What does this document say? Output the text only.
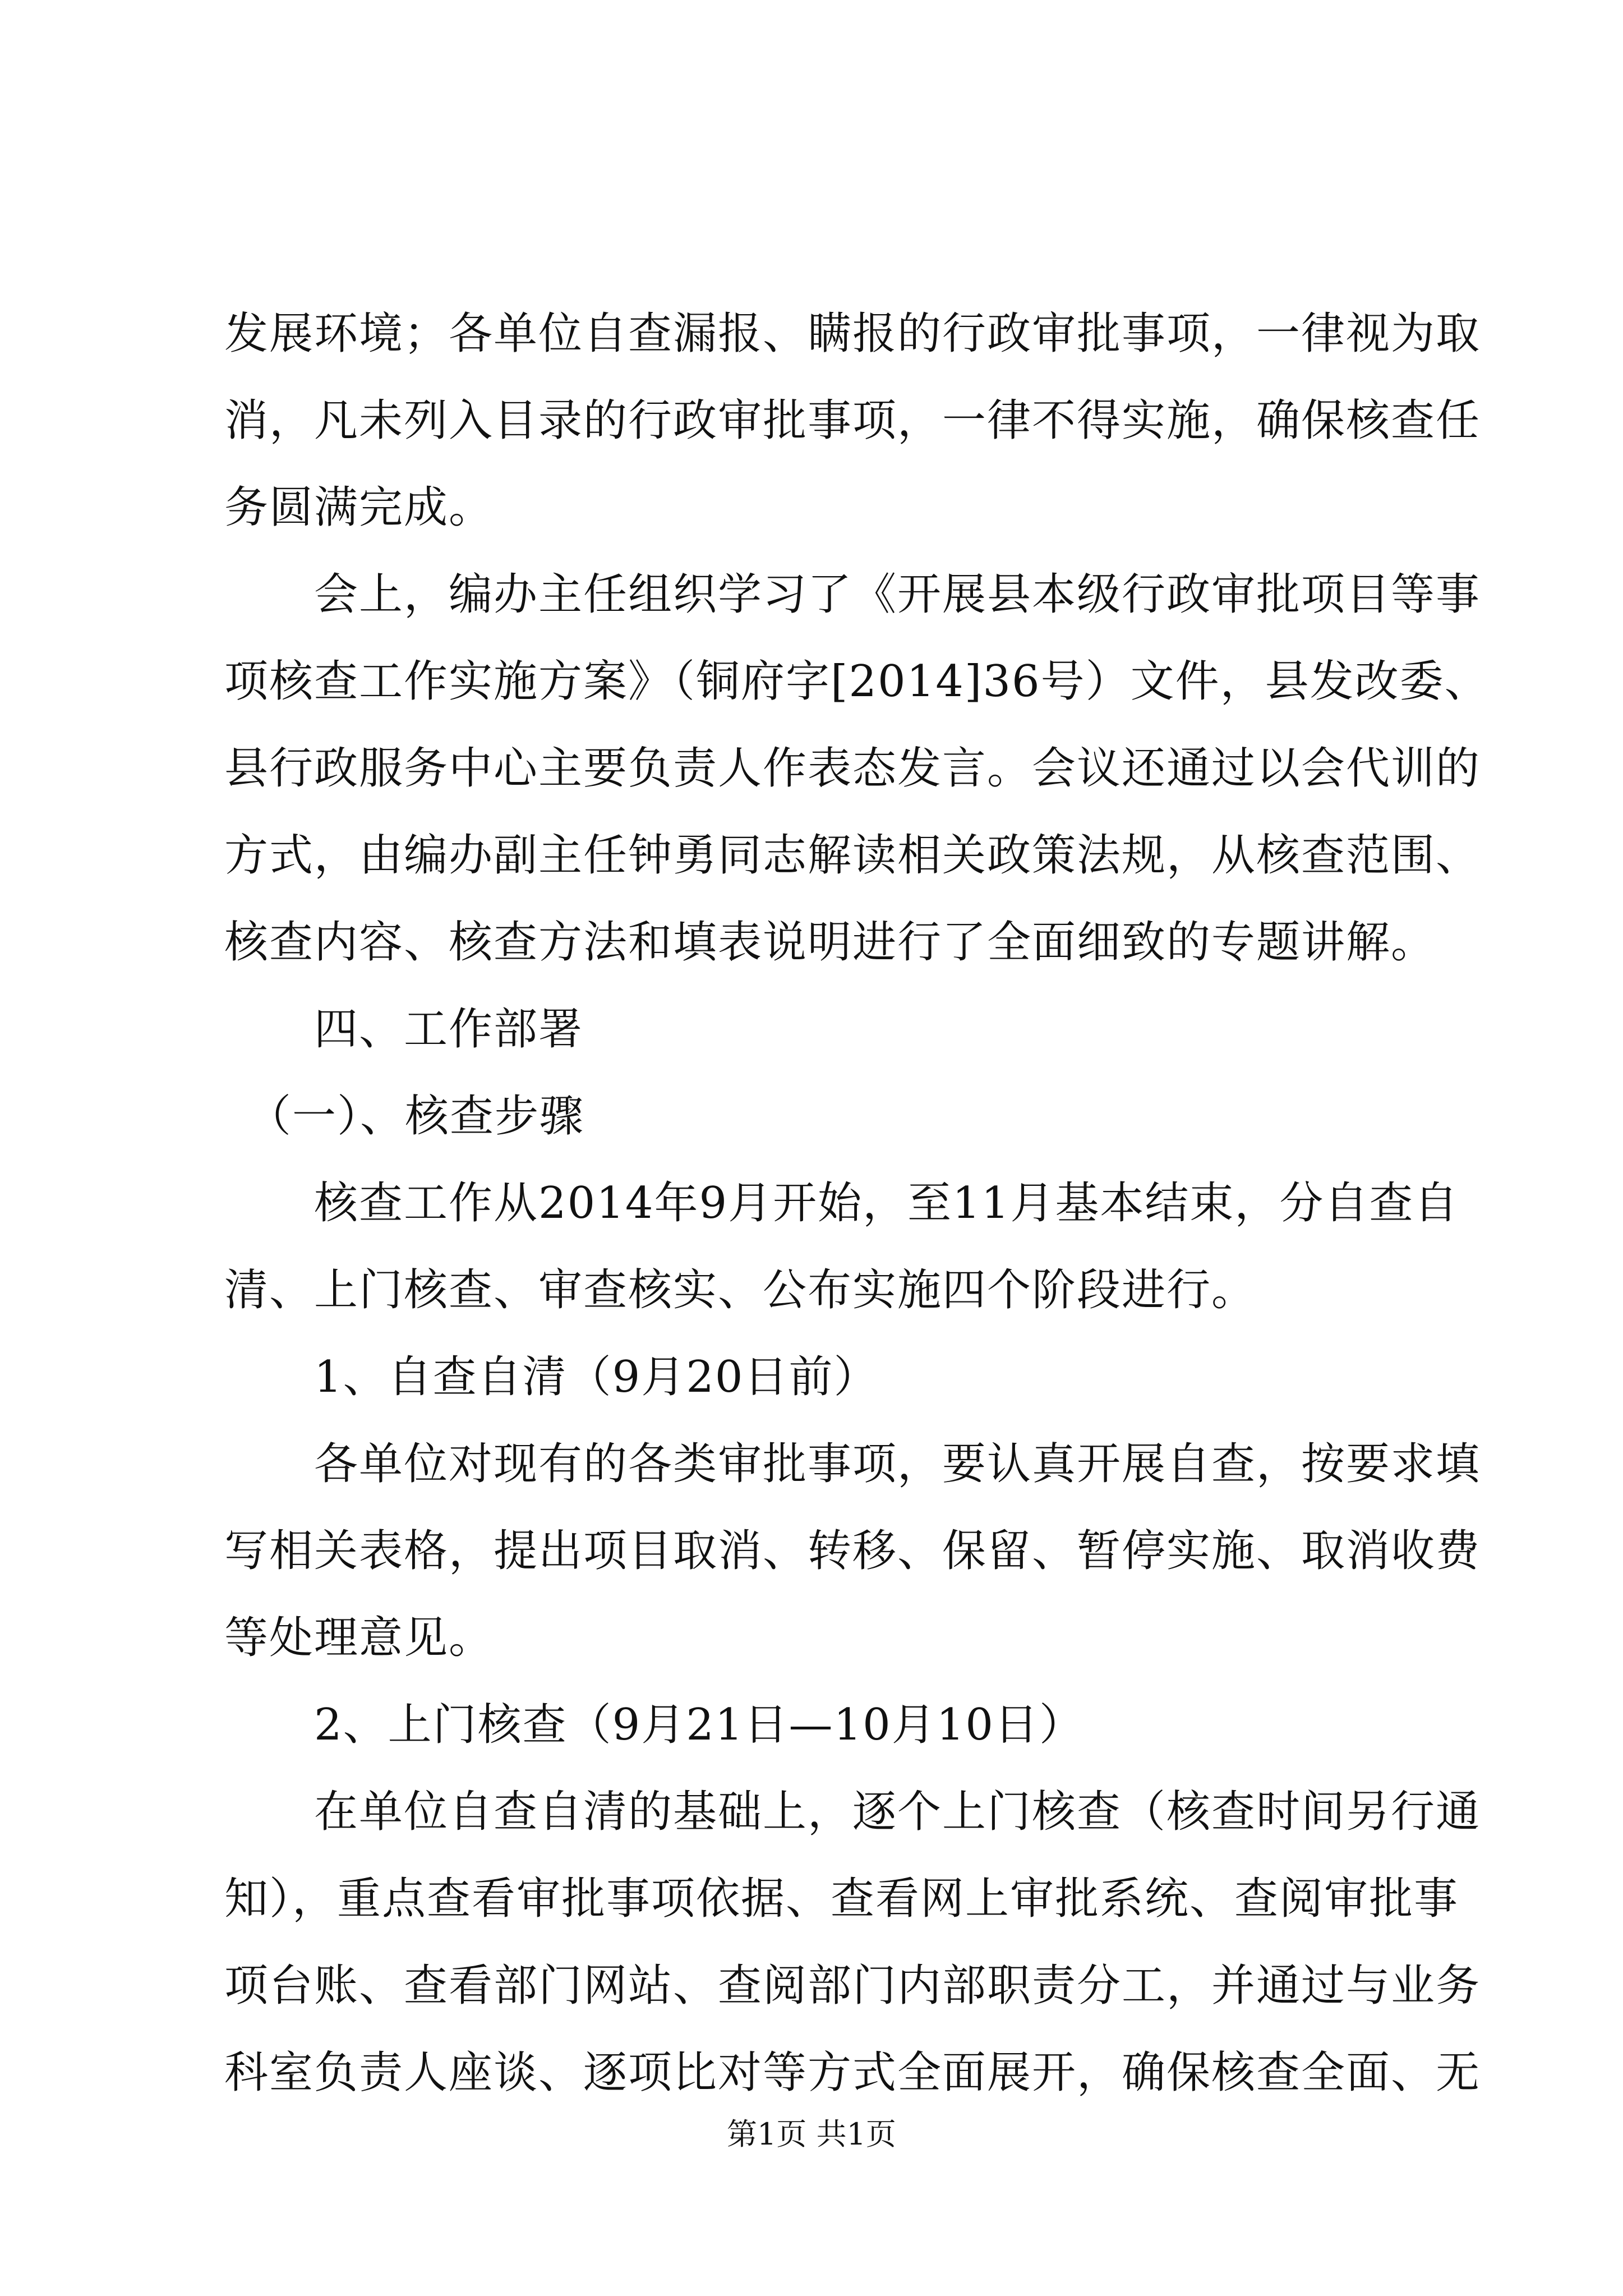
发展环境；各单位自查漏报、瞒报的行政审批事项，一律视为取
消，凡未列入目录的行政审批事项，一律不得实施，确保核查任
务圆满完成。
　　会上，编办主任组织学习了《开展县本级行政审批项目等事
项核查工作实施方案》（铜府字[2014]36号）文件，县发改委、
县行政服务中心主要负责人作表态发言。会议还通过以会代训的
方式，由编办副主任钟勇同志解读相关政策法规，从核查范围、
核查内容、核查方法和填表说明进行了全面细致的专题讲解。
　　四、工作部署
　（一）、核查步骤
　　核查工作从2014年9月开始，至11月基本结束，分自查自
清、上门核查、审查核实、公布实施四个阶段进行。
　　1、自查自清（9月20日前）
　　各单位对现有的各类审批事项，要认真开展自查，按要求填
写相关表格，提出项目取消、转移、保留、暂停实施、取消收费
等处理意见。
　　2、上门核查（9月21日—10月10日）
　　在单位自查自清的基础上，逐个上门核查（核查时间另行通
知），重点查看审批事项依据、查看网上审批系统、查阅审批事
项台账、查看部门网站、查阅部门内部职责分工，并通过与业务
科室负责人座谈、逐项比对等方式全面展开，确保核查全面、无
第1页 共1页
